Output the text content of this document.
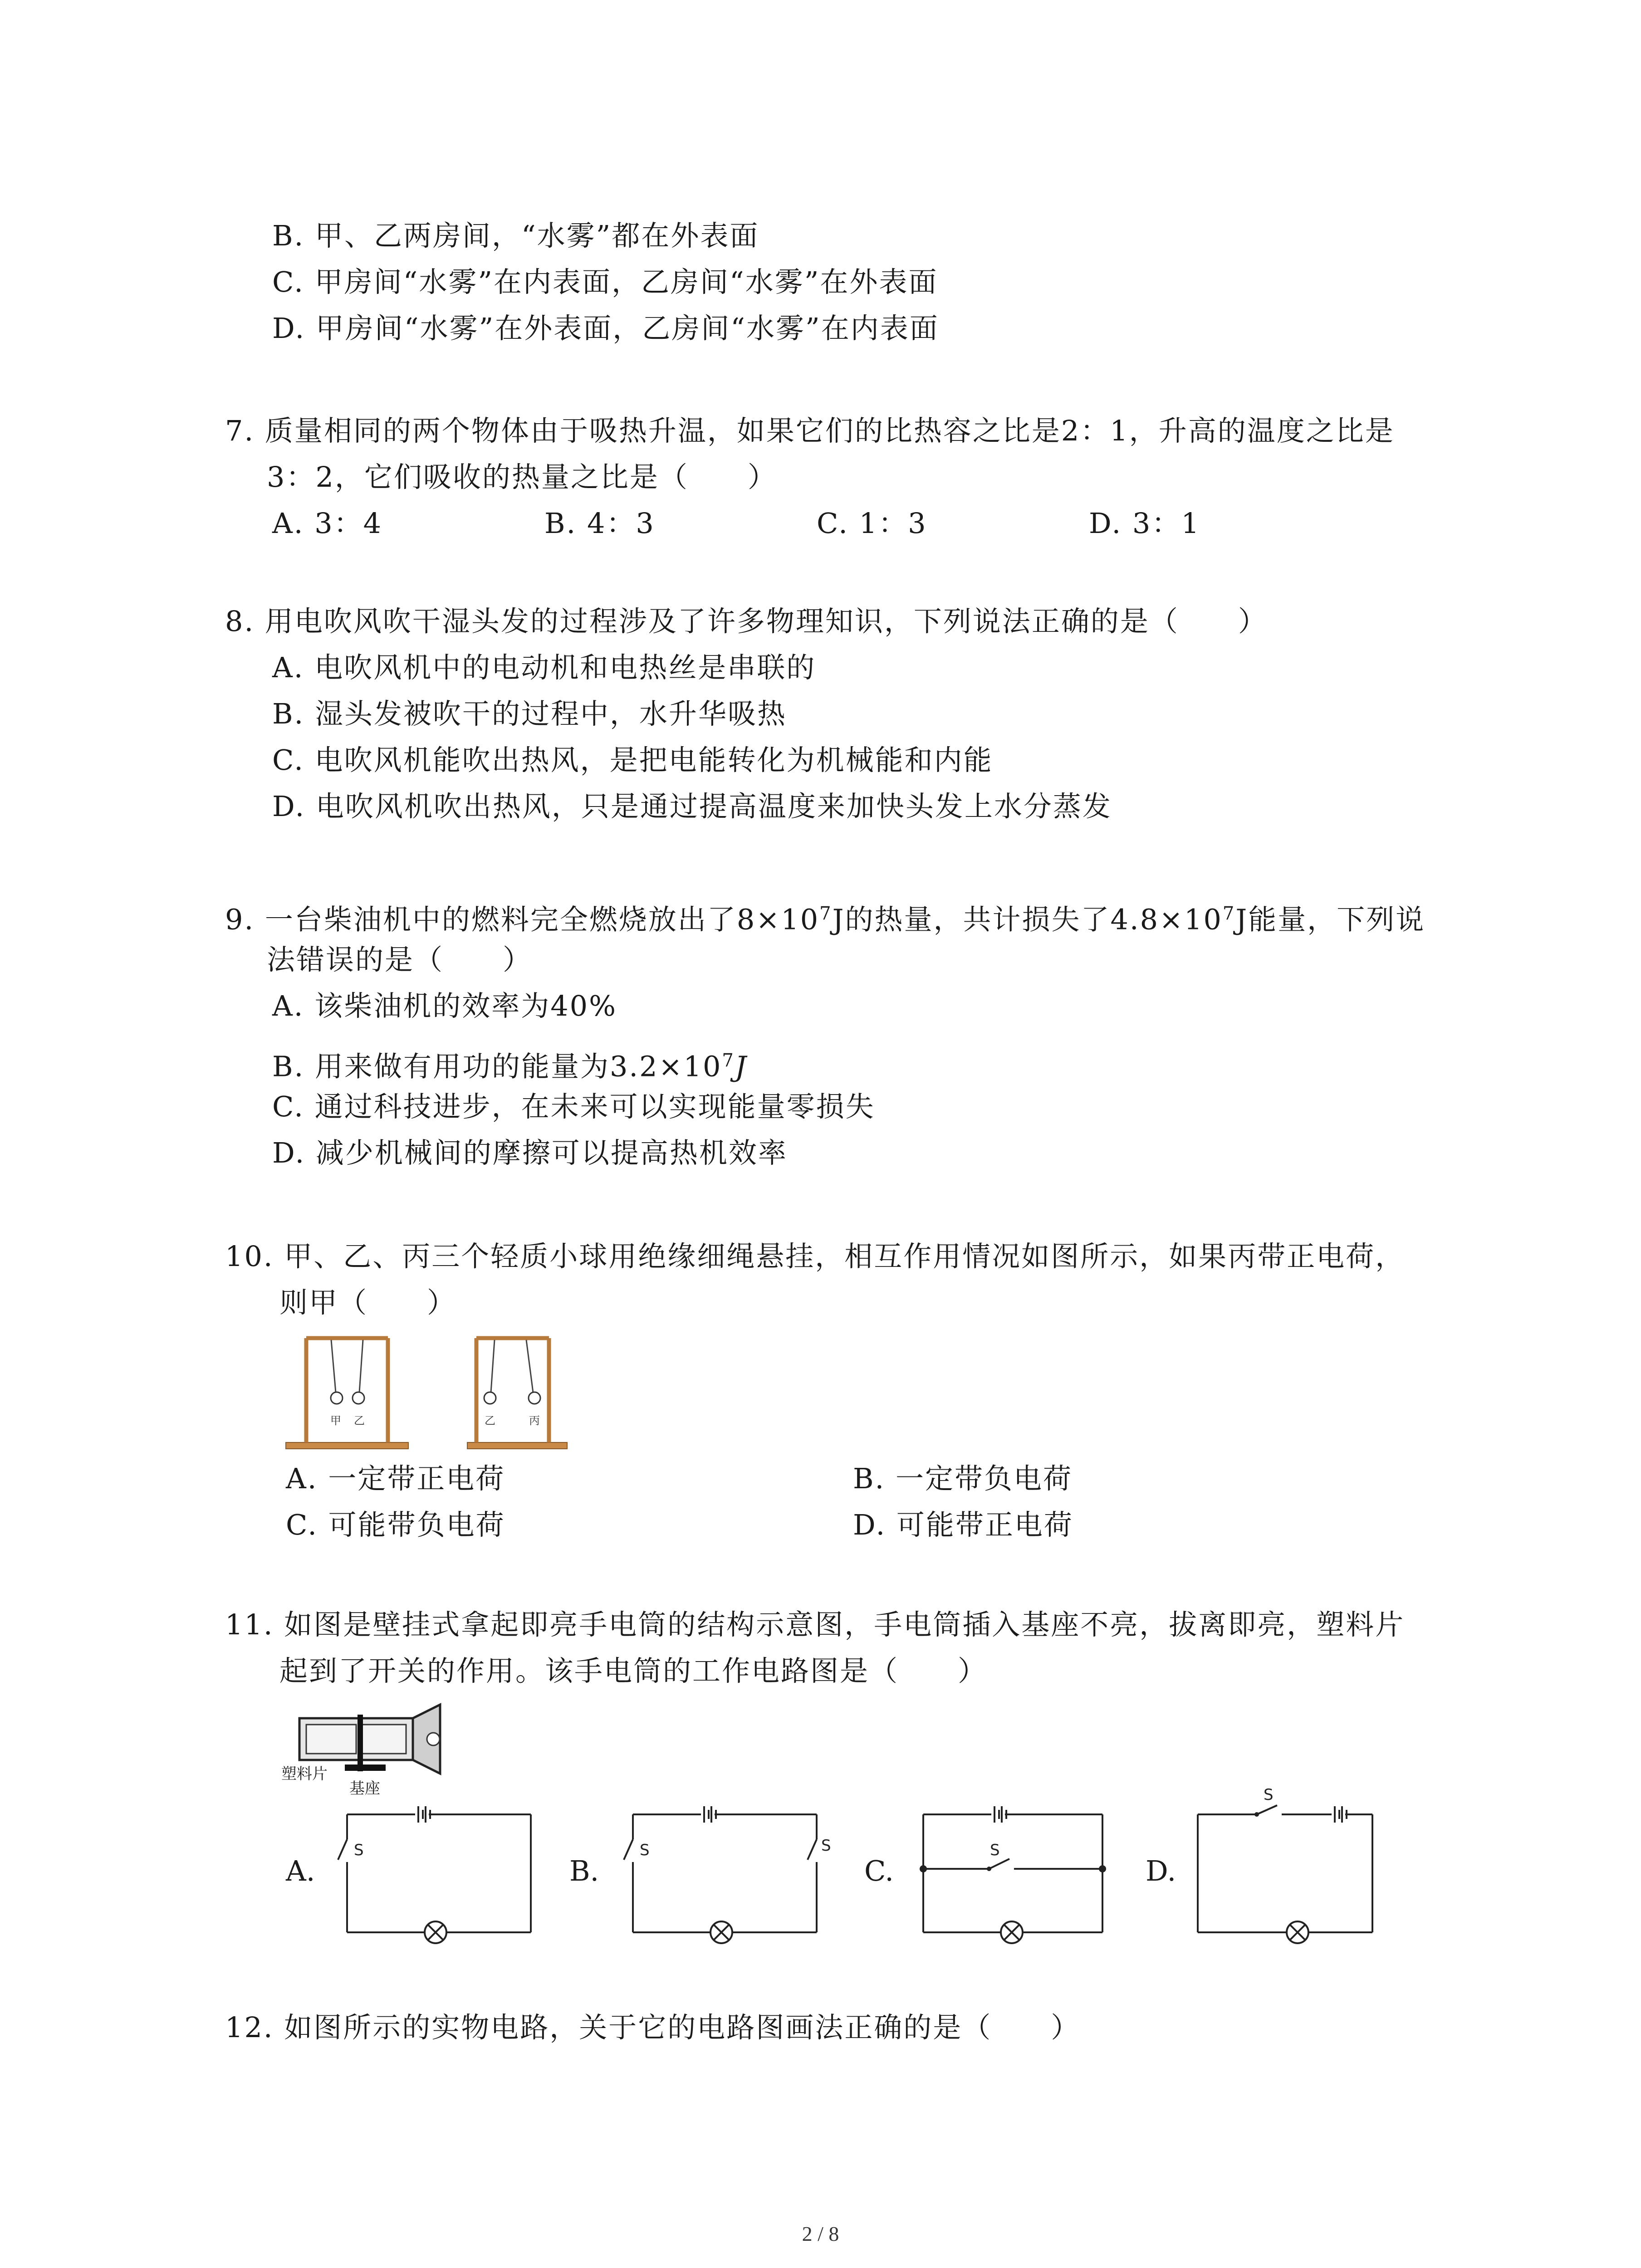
B. 甲、乙两房间，“水雾”都在外表面
C. 甲房间“水雾”在内表面，乙房间“水雾”在外表面
D. 甲房间“水雾”在外表面，乙房间“水雾”在内表面
7. 质量相同的两个物体由于吸热升温，如果它们的比热容之比是2：1，升高的温度之比是
3：2，它们吸收的热量之比是（　　）
A. 3：4	B. 4：3	C. 1：3	D. 3：1
8. 用电吹风吹干湿头发的过程涉及了许多物理知识，下列说法正确的是（　　）
A. 电吹风机中的电动机和电热丝是串联的
B. 湿头发被吹干的过程中，水升华吸热
C. 电吹风机能吹出热风，是把电能转化为机械能和内能
D. 电吹风机吹出热风，只是通过提高温度来加快头发上水分蒸发
9. 一台柴油机中的燃料完全燃烧放出了$8\times 10^7J$的热量，共计损失了$4.8\times 10^7J$能量，下列说
法错误的是（　　）
A. 该柴油机的效率为40%
B. 用来做有用功的能量为$3.2\times 10^7J$
C. 通过科技进步，在未来可以实现能量零损失
D. 减少机械间的摩擦可以提高热机效率
10. 甲、乙、丙三个轻质小球用绝缘细绳悬挂，相互作用情况如图所示，如果丙带正电荷，
则甲（　　）
甲 乙	乙	丙
A. 一定带正电荷	B. 一定带负电荷
C. 可能带负电荷	D. 可能带正电荷
11. 如图是壁挂式拿起即亮手电筒的结构示意图，手电筒插入基座不亮，拔离即亮，塑料片
起到了开关的作用。该手电筒的工作电路图是（　　）
塑料片
基座
A.
S
B.
S	S
C.
S
D.
S
12. 如图所示的实物电路，关于它的电路图画法正确的是（　　）
2 / 8
